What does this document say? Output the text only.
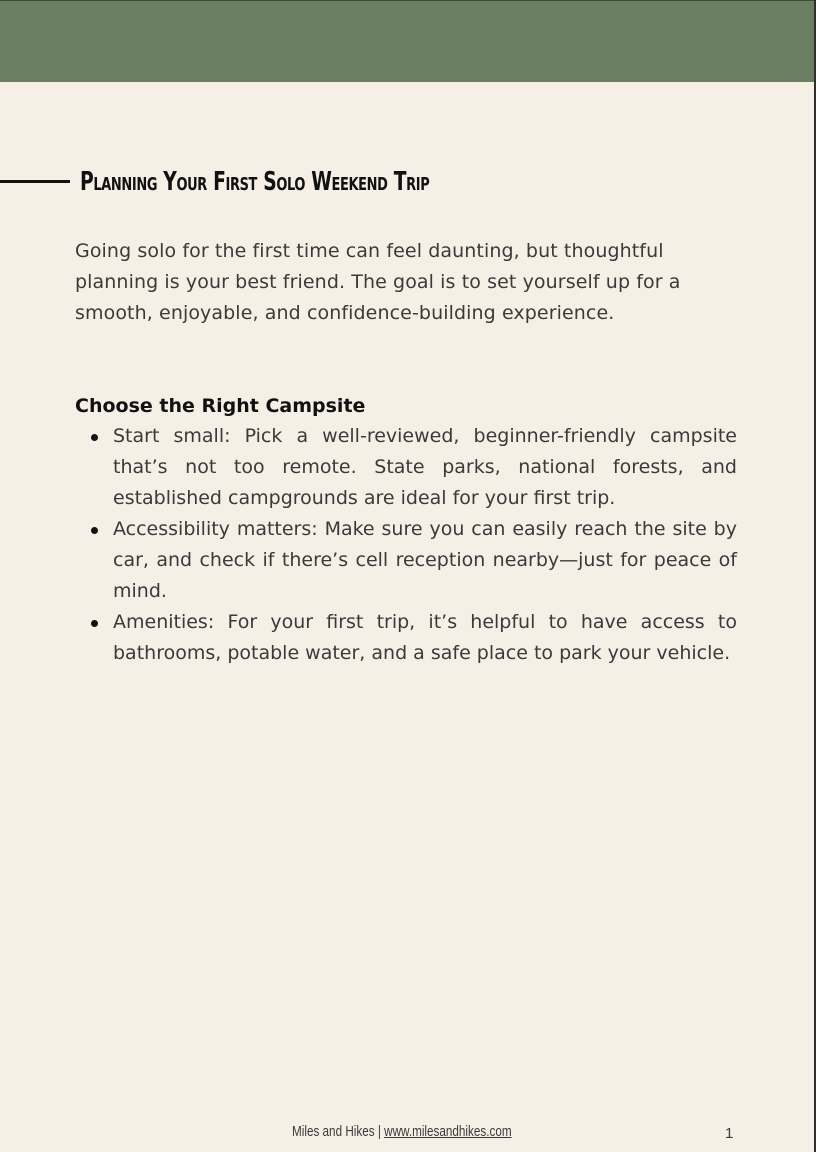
Planning Your First Solo Weekend Trip

Going solo for the first time can feel daunting, but thoughtful planning is your best friend. The goal is to set yourself up for a smooth, enjoyable, and confidence-building experience.

Choose the Right Campsite
Start small: Pick a well-reviewed, beginner-friendly campsite that’s not too remote. State parks, national forests, and established campgrounds are ideal for your first trip.
Accessibility matters: Make sure you can easily reach the site by car, and check if there’s cell reception nearby—just for peace of mind.
Amenities: For your first trip, it’s helpful to have access to bathrooms, potable water, and a safe place to park your vehicle.
Miles and Hikes | www.milesandhikes.com	1
